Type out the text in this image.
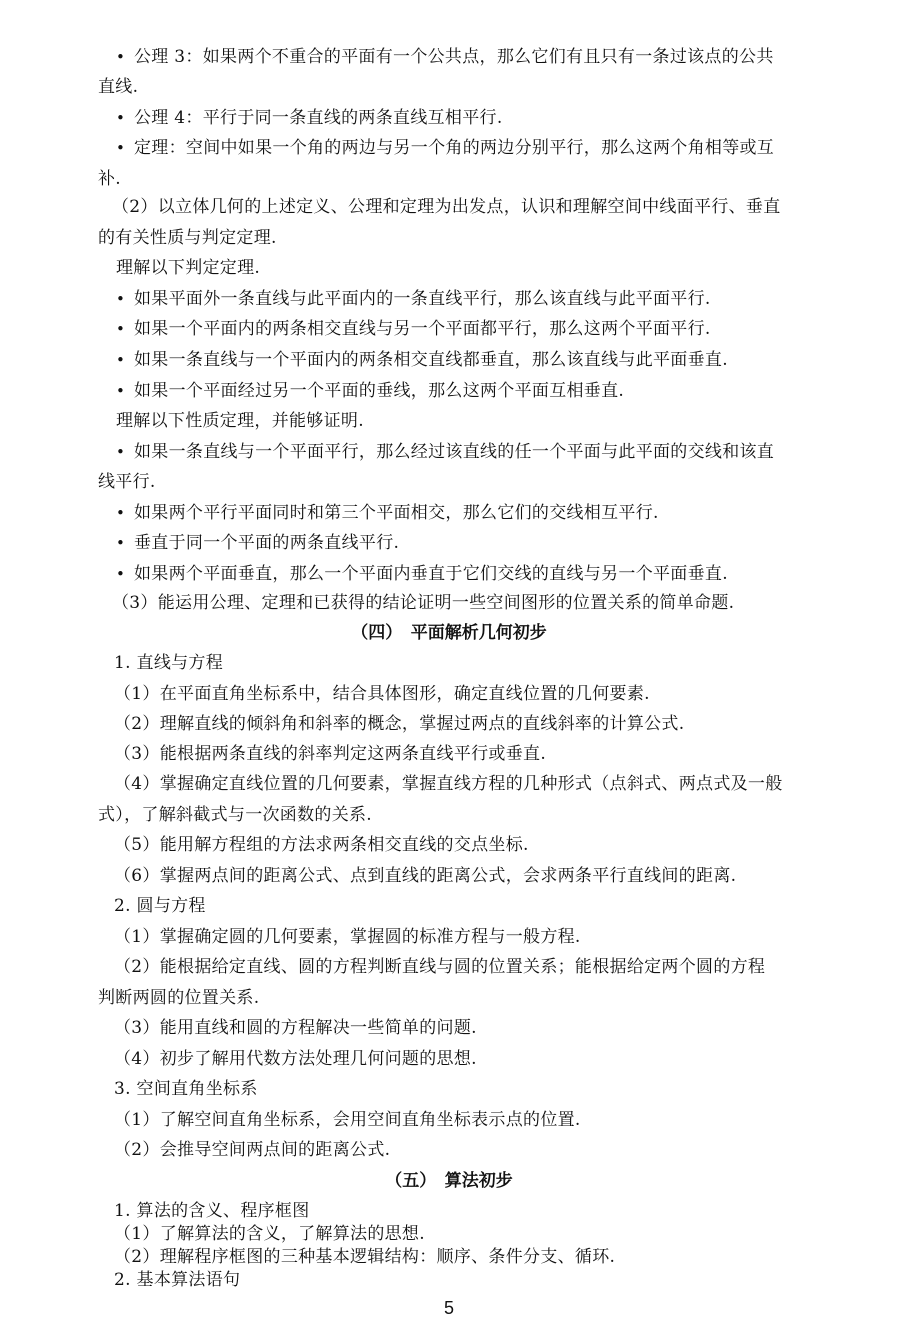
• 公理 3：如果两个不重合的平面有一个公共点，那么它们有且只有一条过该点的公共
直线.
• 公理 4：平行于同一条直线的两条直线互相平行.
• 定理：空间中如果一个角的两边与另一个角的两边分别平行，那么这两个角相等或互
补.
（2）以立体几何的上述定义、公理和定理为出发点，认识和理解空间中线面平行、垂直
的有关性质与判定定理.
理解以下判定定理.
• 如果平面外一条直线与此平面内的一条直线平行，那么该直线与此平面平行.
• 如果一个平面内的两条相交直线与另一个平面都平行，那么这两个平面平行.
• 如果一条直线与一个平面内的两条相交直线都垂直，那么该直线与此平面垂直.
• 如果一个平面经过另一个平面的垂线，那么这两个平面互相垂直.
理解以下性质定理，并能够证明.
• 如果一条直线与一个平面平行，那么经过该直线的任一个平面与此平面的交线和该直
线平行.
• 如果两个平行平面同时和第三个平面相交，那么它们的交线相互平行.
• 垂直于同一个平面的两条直线平行.
• 如果两个平面垂直，那么一个平面内垂直于它们交线的直线与另一个平面垂直.
（3）能运用公理、定理和已获得的结论证明一些空间图形的位置关系的简单命题.
（四）　平面解析几何初步
1. 直线与方程
（1）在平面直角坐标系中，结合具体图形，确定直线位置的几何要素.
（2）理解直线的倾斜角和斜率的概念，掌握过两点的直线斜率的计算公式.
（3）能根据两条直线的斜率判定这两条直线平行或垂直.
（4）掌握确定直线位置的几何要素，掌握直线方程的几种形式（点斜式、两点式及一般
式），了解斜截式与一次函数的关系.
（5）能用解方程组的方法求两条相交直线的交点坐标.
（6）掌握两点间的距离公式、点到直线的距离公式，会求两条平行直线间的距离.
2. 圆与方程
（1）掌握确定圆的几何要素，掌握圆的标准方程与一般方程.
（2）能根据给定直线、圆的方程判断直线与圆的位置关系；能根据给定两个圆的方程
判断两圆的位置关系.
（3）能用直线和圆的方程解决一些简单的问题.
（4）初步了解用代数方法处理几何问题的思想.
3. 空间直角坐标系
（1）了解空间直角坐标系，会用空间直角坐标表示点的位置.
（2）会推导空间两点间的距离公式.
（五）　算法初步
1. 算法的含义、程序框图
（1）了解算法的含义，了解算法的思想.
（2）理解程序框图的三种基本逻辑结构：顺序、条件分支、循环.
2. 基本算法语句
5
